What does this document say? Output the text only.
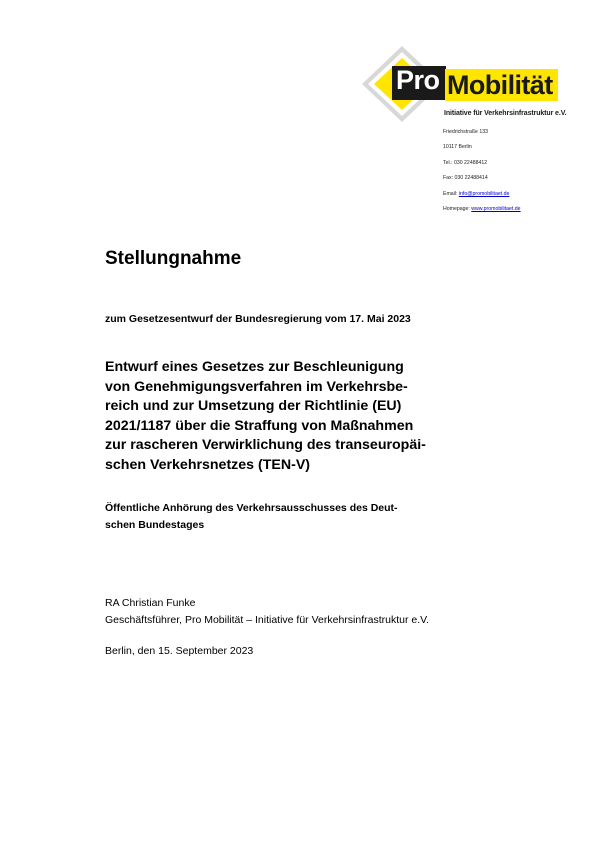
Pro Mobilität
Initiative für Verkehrsinfrastruktur e.V.
Friedrichstraße 133
10117 Berlin
Tel.: 030 22488412
Fax: 030 22488414
Email: info@promobilitaet.de
Homepage: www.promobilitaet.de
Stellungnahme
zum Gesetzesentwurf der Bundesregierung vom 17. Mai 2023
Entwurf eines Gesetzes zur Beschleunigung
von Genehmigungsverfahren im Verkehrsbe-
reich und zur Umsetzung der Richtlinie (EU)
2021/1187 über die Straffung von Maßnahmen
zur rascheren Verwirklichung des transeuropäi-
schen Verkehrsnetzes (TEN-V)
Öffentliche Anhörung des Verkehrsausschusses des Deut-
schen Bundestages
RA Christian Funke
Geschäftsführer, Pro Mobilität – Initiative für Verkehrsinfrastruktur e.V.
Berlin, den 15. September 2023
